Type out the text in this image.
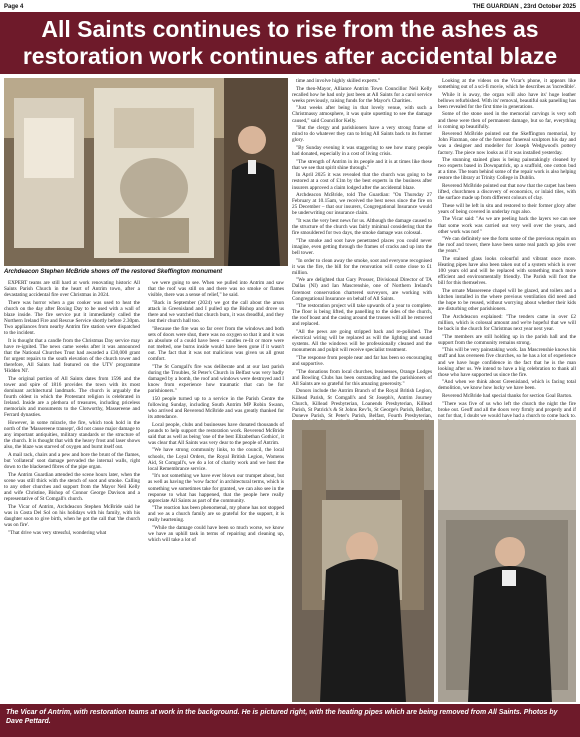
Page 4	THE GUARDIAN , 23rd October 2025
All Saints continues to rise from the ashes as restoration work continues after accidental blaze
Archdeacon Stephen McBride shows off the restored Skeffington monument

EXPERT teams are still hard at work renovating historic All Saints Parish Church in the heart of Antrim town, after a devastating accidental fire over Christmas in 2024.

There was horror when a gas cooker was used to heat the church on the day after Boxing Day to be used with a wall of blaze inside. The fire service put it immediately called the Northern Ireland Fire and Rescue Service shortly before 2.30pm. Two appliances from nearby Antrim fire station were dispatched to the incident.

It is thought that a candle from the Christmas Day service may have re-ignited. The news came weeks after it was announced that the National Churches Trust had awarded a £30,000 grant for urgent repairs to the south elevation of the church tower and therefore, All Saints had featured on the UTV programme 'Hidden NI'.

The original portion of All Saints dates from 1596 and the tower and spire of 1816 provides the town with its most dominant architectural landmark. The church is arguably the fourth oldest in which the Protestant religion is celebrated in Ireland. Inside are a plethora of treasures, including priceless memorials and monuments to the Clotworthy, Massereene and Ferrard dynasties.

However, in some miracle, the fire, which took hold in the north of the 'Massereene transept', did not cause major damage to any important antiquities, military standards or the structure of the church. It is thought that with the heavy frost and laser shows also, the blaze was starved of oxygen and burnt itself out.

A mail rack, chairs and a pew and bore the brunt of the flames, but 'collateral' soot damage pervaded the internal walls, right down to the blackened fibres of the pipe organ.

The Antrim Guardian attended the scene hours later, when the scene was still thick with the stench of soot and smoke. Calling to any other churches and support from the Mayor Neil Kelly and wife Christine, Bishop of Connor George Davison and a representative of St Comgall's church.

The Vicar of Antrim, Archdeacon Stephen McBride said he was in Costa Del Sol on his holidays with his family, with his daughter soon to give birth, when he got the call that 'the church was on fire'.

"That drive was very stressful, wondering what

we were going to see. When we pulled into Antrim and saw that the roof was still on and there was no smoke or flames visible, there was a sense of relief," he said.

"Back in September (2024) we got the call about the arson attack in Greenisland and I pulled up the Bishop and drove us there and we watched that church burn, it was dreadful, and they lost their church hall too.

"Because the fire was so far over from the windows and both sets of doors were shut, there was no oxygen so that it and it was an absolute of a could have been – candles re-lit or more were not melted, one burns inside would have been gone if it wasn't out. The fact that it was not malicious was given us all great comfort.

"The St Comgall's fire was deliberate and at our last parish during the Troubles, St Peter's Church in Belfast was very badly damaged by a bomb, the roof and windows were destroyed and I know from experience how traumatic that can be for parishioners."

150 people turned up to a service in the Parish Centre the following Sunday, including South Antrim MP Robin Swann, who arrived and Reverend McBride and was greatly thanked for its attendance.

Local people, clubs and businesses have donated thousands of pounds to help support the restoration work. Reverend McBride said that as well as being 'one of the best Elizabethan Gothics', it was clear that All Saints was very dear to the people of Antrim.

"We have strong community links, to the council, the local schools, the Loyal Orders, the Royal British Legion, Womens Aid, St Comgall's, we do a lot of charity work and we host the local Remembrance service.

"It's not something we have ever blown our trumpet about, but as well as having the 'wow factor' in architectural terms, which is something we sometimes take for granted, we can also see in the response to what has happened, that the people here really appreciate All Saints as part of the community.

"The reaction has been phenomenal, my phone has not stopped and we as a church family are so grateful for the support, it is really heartening.

"While the damage could have been so much worse, we know we have an uphill task in terms of repairing and cleaning up, which will take a lot of

time and involve highly skilled experts."

The then-Mayor, Alliance Antrim Town Councillor Neil Kelly recalled how he had only just been at All Saints for a carol service weeks previously, raising funds for the Mayor's Charities.

"Just weeks after being in that lovely venue, with such a Christmassy atmosphere, it was quite upsetting to see the damage caused," said Councillor Kelly.

"But the clergy and parishioners have a very strong frame of mind to do whatever they can to bring All Saints back to its former glory.

"By Sunday evening it was staggering to see how many people had donated, especially in a cost of living crisis.

"The strength of Antrim in its people and it is at times like these that we see that spirit shine through."

In April 2025 it was revealed that the church was going to be restored at a cost of £1m by the best experts in the business after insurers approved a claim lodged after the accidental blaze.

Archdeacon McBride, told The Guardian: "On Thursday 27 February at 10.15am, we received the best news since the fire on 25 December – that our insurers, Congregational Insurance would be underwriting our insurance claim.

"It was the very best news for us. Although the damage caused to the structure of the church was fairly minimal considering that the fire smouldered for two days, the smoke damage was colossal.

"The smoke and soot have penetrated places you could never imagine, even getting through the frames of cracks and up into the bell tower.

"In order to clean away the smoke, soot and everyone recognised it was the fire, the bill for the renovation will come close to £1 million.

"We are delighted that Gary Prosser, Divisional Director of TA Dallas (NI) and Ian Mascrenshie, one of Northern Ireland's foremost conservation chartered surveyors, are working with Congregational Insurance on behalf of All Saints.

"The restoration project will take upwards of a year to complete. The floor is being lifted, the panelling to the sides of the church, the roof boast and the casing around the trusses will all be removed and replaced.

"All the pews are going stripped back and re-polished. The electrical wiring will be replaced as will the lighting and sound systems. All the windows will be professionally cleaned and the monuments and pulpit will receive specialist treatment.

"The response from people near and far has been so encouraging and supportive.

"The donations from local churches, businesses, Orange Lodges and Bowling Clubs has been outstanding and the parishioners of All Saints are so grateful for this amazing generosity."

Donors include the Antrim Branch of the Royal British Legion, Killead Parish, St Comgall's and St Joseph's, Antrim Journey Church, Killead Presbyterian, Loanends Presbyterian, Killead Parish, St Patrick's & St Johns Rev'ls, St George's Parish, Belfast, Doneve Parish, St Peter's Parish, Belfast, Fourth Presbyterian,

Looking at the videos on the Vicar's phone, it appears like something out of a sci-fi movie, which he describes as 'incredible'.

While it is away, the organ will also have its' huge leather bellows refurbished. With its' removal, beautiful oak panelling has been revealed for the first time in generations.

Some of the stone used in the memorial carvings is very soft and these were then of permanent damage, but so far, everything is coming up beautifully.

Reverend McBride pointed out the Skeffington memorial, by John Flaxman, one of the foremost funereal sculptors his day and was a designer and modeller for Joseph Wedgwood's pottery factory. The piece now looks as if it was installed yesterday.

The stunning stained glass is being painstakingly cleaned by two experts based in Downpatrick, up a scaffold, one cotton bud at a time. The team behind some of the repair work is also helping restore the library at Trinity College in Dublin.

Reverend McBride pointed out that now that the carpet has been lifted, churchmen a discovery of economics, or inlaid tiles, with the surface made up from different colours of clay.

These will be left in situ and restored to their former glory after years of being covered in underlay rugs also.

The Vicar said: "As we are peeling back the layers we can see that some work was carried out very well over the years, and other work was not!"

"We can definitely see the form some of the previous repairs on the roof and tower, there have been some real patch up jobs over the years."

The stained glass looks colourful and vibrant once more. Heating pipes have also been taken out of a system which is over 100 years old and will be replaced with something much more efficient and environmentally friendly. The Parish will foot the bill for this themselves.

The ornate Massereene chapel will be glazed, and toilets and a kitchen installed in the where previous ventilation did need and the hope to be reused, without worrying about whether their kids are disturbing other parishioners.

The Archdeacon explained: "The tenders came in over £2 million, which is colossal amount and we're hopeful that we will be back in the church for Christmas next year next year.

"The members are still holding up in the parish hall and the support from the community remains strong.

"This will be very painstaking work. Ian Mascrenshie knows his stuff and has overseen five churches, so he has a lot of experience and we have huge confidence in the fact that he is the man looking after us. We intend to have a big celebration to thank all those who have supported us since the fire.

"And when we think about Greenisland, which is facing total demolition, we know how lucky we have been.

Reverend McBride had special thanks for section Goal Barton.

"There was five of us who left the church the night the fire broke out. Geoff and all the doors very firmly and properly and if not for that, I doubt we would have had a church to come back to.

The Vicar of Antrim, with restoration teams at work in the background. He is pictured right, with the heating pipes which are being removed from All Saints. Photos by Dave Pettard.
